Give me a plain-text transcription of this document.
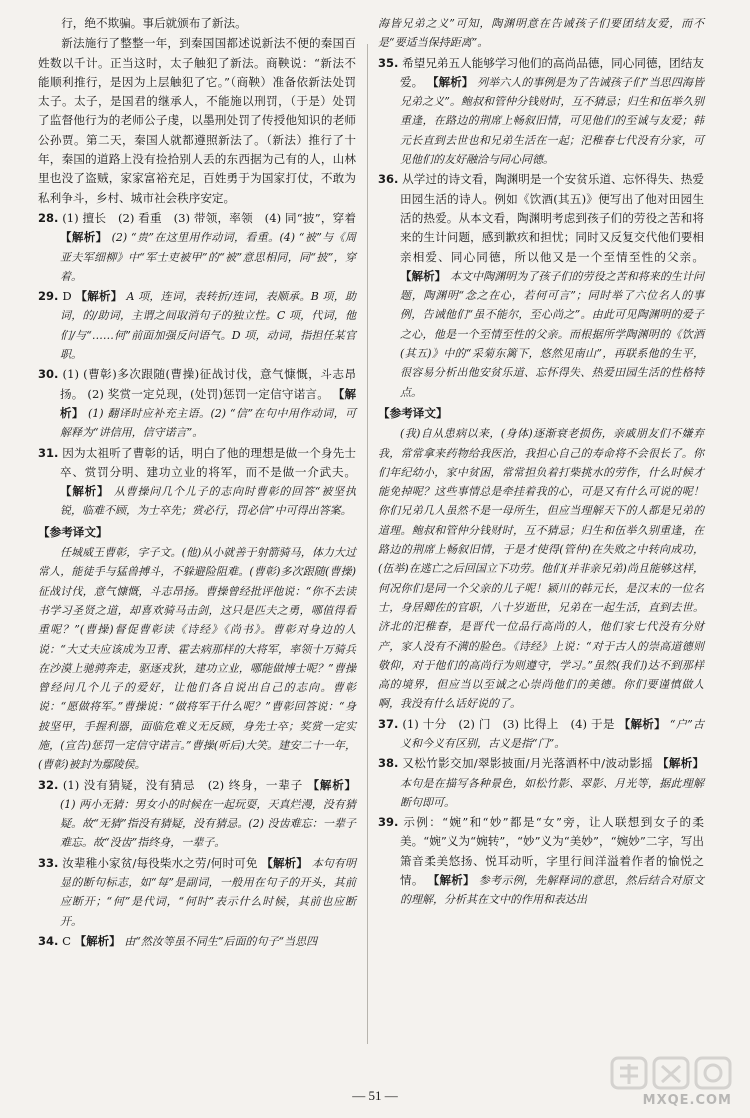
行，绝不欺骗。事后就颁布了新法。

新法施行了整整一年，到秦国国都述说新法不便的秦国百姓数以千计。正当这时，太子触犯了新法。商鞅说：“新法不能顺利推行，是因为上层触犯了它。”（商鞅）准备依新法处罚太子。太子，是国君的继承人，不能施以刑罚，（于是）处罚了监督他行为的老师公子虔，以墨刑处罚了传授他知识的老师公孙贾。第二天，秦国人就都遵照新法了。（新法）推行了十年，秦国的道路上没有捡拾别人丢的东西据为己有的人，山林里也没了盗贼，家家富裕充足，百姓勇于为国家打仗，不敢为私利争斗，乡村、城市社会秩序安定。

28. (1) 擅长　(2) 看重　(3) 带领，率领　(4) 同“披”，穿着 【解析】 (2) “贵”在这里用作动词，看重。(4) “被”与《周亚夫军细柳》中“军士吏被甲”的“被”意思相同，同“披”，穿着。

29. D 【解析】 A 项，连词，表转折/连词，表顺承。B 项，助词，的/助词，主谓之间取消句子的独立性。C 项，代词，他们/与“……何”前面加强反问语气。D 项，动词，指担任某官职。

30. (1) (曹彰)多次跟随(曹操)征战讨伐，意气慷慨，斗志昂扬。 (2) 奖赏一定兑现，(处罚)惩罚一定信守诺言。 【解析】 (1) 翻译时应补充主语。(2) “信”在句中用作动词，可解释为“讲信用，信守诺言”。

31. 因为太祖听了曹彰的话，明白了他的理想是做一个身先士卒、赏罚分明、建功立业的将军，而不是做一介武夫。 【解析】 从曹操问几个儿子的志向时曹彰的回答“被坚执锐，临难不顾，为士卒先；赏必行，罚必信”中可得出答案。

【参考译文】

任城威王曹彰，字子文。(他)从小就善于射箭骑马，体力大过常人，能徒手与猛兽搏斗，不躲避险阻难。(曹彰)多次跟随(曹操)征战讨伐，意气慷慨，斗志昂扬。曹操曾经批评他说：“你不去读书学习圣贤之道，却喜欢骑马击剑，这只是匹夫之勇，哪值得看重呢？”(曹操)督促曹彰读《诗经》《尚书》。曹彰对身边的人说：“大丈夫应该成为卫青、霍去病那样的大将军，率领十万骑兵在沙漠上驰骋奔走，驱逐戎狄，建功立业，哪能做博士呢？”曹操曾经问几个儿子的爱好，让他们各自说出自己的志向。曹彰说：“愿做将军。”曹操说：“做将军干什么呢？”曹彰回答说：“身披坚甲，手握利器，面临危难义无反顾，身先士卒；奖赏一定实施，(宣告)惩罚一定信守诺言。”曹操(听后)大笑。建安二十一年，(曹彰)被封为鄢陵侯。

32. (1) 没有猜疑，没有猜忌　(2) 终身，一辈子 【解析】 (1) 两小无猜：男女小的时候在一起玩耍，天真烂漫，没有猜疑。故“无猜”指没有猜疑，没有猜忌。(2) 没齿难忘：一辈子难忘。故“没齿”指终身，一辈子。

33. 汝辈稚小家贫/每役柴水之劳/何时可免 【解析】 本句有明显的断句标志，如“每”是副词，一般用在句子的开头，其前应断开；“何”是代词，“何时”表示什么时候，其前也应断开。

34. C 【解析】 由“然汝等虽不同生”后面的句子“当思四

海皆兄弟之义”可知，陶渊明意在告诫孩子们要团结友爱，而不是“要适当保持距离”。

35. 希望兄弟五人能够学习他们的高尚品德，同心同德，团结友爱。 【解析】 列举六人的事例是为了告诫孩子们“当思四海皆兄弟之义”。鲍叔和管仲分钱财时，互不猜忌；归生和伍举久别重逢，在路边的荆席上畅叙旧情，可见他们的至诚与友爱；韩元长直到去世也和兄弟生活在一起；汜稚春七代没有分家，可见他们的友好融洽与同心同德。

36. 从学过的诗文看，陶渊明是一个安贫乐道、忘怀得失、热爱田园生活的诗人。例如《饮酒(其五)》便写出了他对田园生活的热爱。从本文看，陶渊明考虑到孩子们的劳役之苦和将来的生计问题，感到歉疚和担忧；同时又反复交代他们要相亲相爱、同心同德，所以他又是一个至情至性的父亲。 【解析】 本文中陶渊明为了孩子们的劳役之苦和将来的生计问题，陶渊明“念之在心，若何可言”；同时举了六位名人的事例，告诫他们“虽不能尔，至心尚之”。由此可见陶渊明的爱子之心，他是一个至情至性的父亲。而根据所学陶渊明的《饮酒(其五)》中的“采菊东篱下，悠然见南山”，再联系他的生平，很容易分析出他安贫乐道、忘怀得失、热爱田园生活的性格特点。

【参考译文】

(我)自从患病以来，(身体)逐渐衰老损伤，亲戚朋友们不嫌弃我，常常拿来药物给我医治，我担心自己的寿命将不会很长了。你们年纪幼小，家中贫困，常常担负着打柴挑水的劳作，什么时候才能免掉呢？这些事情总是牵挂着我的心，可是又有什么可说的呢！你们兄弟几人虽然不是一母所生，但应当理解天下的人都是兄弟的道理。鲍叔和管仲分钱财时，互不猜忌；归生和伍举久别重逢，在路边的荆席上畅叙旧情，于是才使得(管仲)在失败之中转向成功，(伍举)在逃亡之后回国立下功劳。他们(并非亲兄弟)尚且能够这样，何况你们是同一个父亲的儿子呢！颍川的韩元长，是汉末的一位名士，身居卿佐的官职，八十岁逝世，兄弟在一起生活，直到去世。济北的汜稚春，是晋代一位品行高尚的人，他们家七代没有分财产，家人没有不满的脸色。《诗经》上说：“对于古人的崇高道德则敬仰，对于他们的高尚行为则遵守，学习。”虽然(我们)达不到那样高的境界，但应当以至诚之心崇尚他们的美德。你们要谨慎做人啊，我没有什么话好说的了。

37. (1) 十分　(2) 门　(3) 比得上　(4) 于是 【解析】 “户”古义和今义有区别，古义是指“门”。

38. 又松竹影交加/翠影披面/月光落酒杯中/波动影摇 【解析】 本句是在描写各种景色，如松竹影、翠影、月光等，据此理解断句即可。

39. 示例：“婉”和“妙”都是“女”旁，让人联想到女子的柔美。“婉”义为“婉转”，“妙”义为“美妙”，“婉妙”二字，写出箫音柔美悠扬、悦耳动听，字里行间洋溢着作者的愉悦之情。 【解析】 参考示例，先解释词的意思，然后结合对原文的理解，分析其在文中的作用和表达出

— 51 —	MXQE.COM
